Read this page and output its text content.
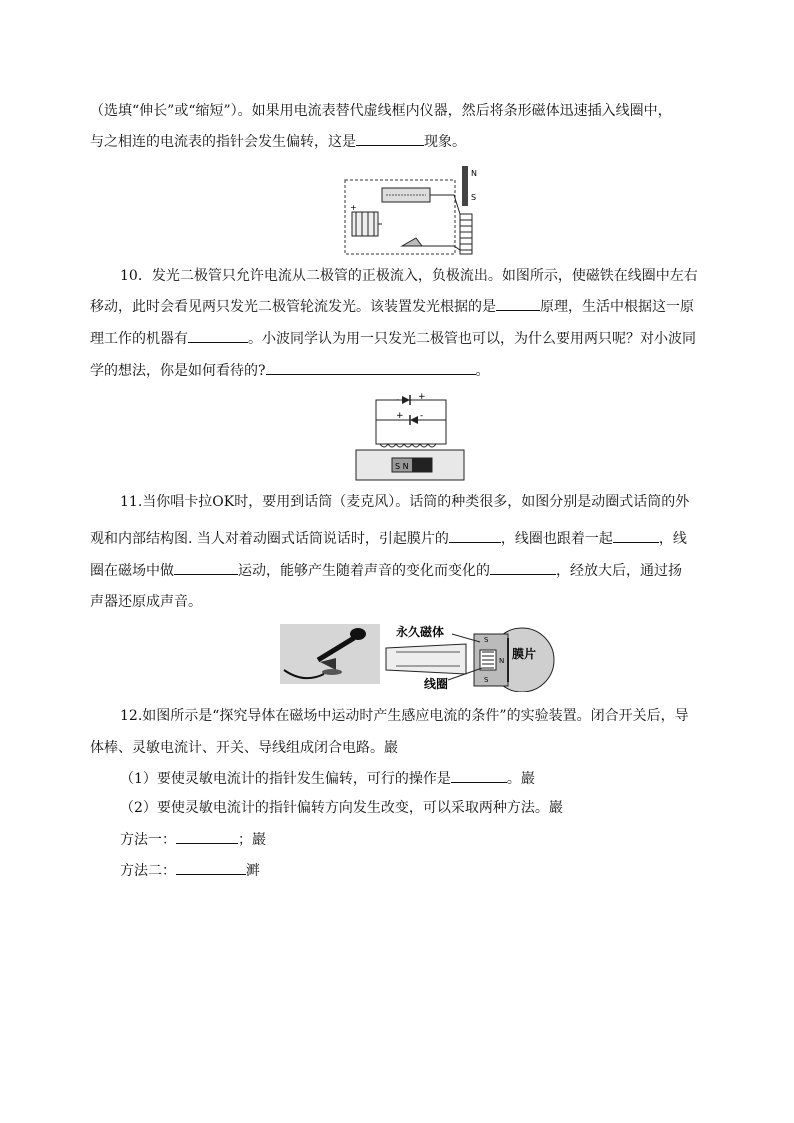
（选填“伸长”或“缩短”）。如果用电流表替代虚线框内仪器，然后将条形磁体迅速插入线圈中，
与之相连的电流表的指针会发生偏转，这是	现象。
+
N
S
10．发光二极管只允许电流从二极管的正极流入，负极流出。如图所示，使磁铁在线圈中左右
移动，此时会看见两只发光二极管轮流发光。该装置发光根据的是	原理，生活中根据这一原
理工作的机器有	。小波同学认为用一只发光二极管也可以，为什么要用两只呢？对小波同
学的想法，你是如何看待的?	。
- +
+ -
S N
11.当你唱卡拉OK时，要用到话筒（麦克风）。话筒的种类很多，如图分别是动圈式话筒的外
观和内部结构图. 当人对着动圈式话筒说话时，引起膜片的	，线圈也跟着一起	，线
圈在磁场中做	运动，能够产生随着声音的变化而变化的	，经放大后，通过扬
声器还原成声音。
S
S
N
永久磁体
膜片
线圈
12.如图所示是“探究导体在磁场中运动时产生感应电流的条件”的实验装置。闭合开关后，导
体棒、灵敏电流计、开关、导线组成闭合电路。巖
（1）要使灵敏电流计的指针发生偏转，可行的操作是	。巖
（2）要使灵敏电流计的指针偏转方向发生改变，可以采取两种方法。巖
方法一：	；巖
方法二：	溿
